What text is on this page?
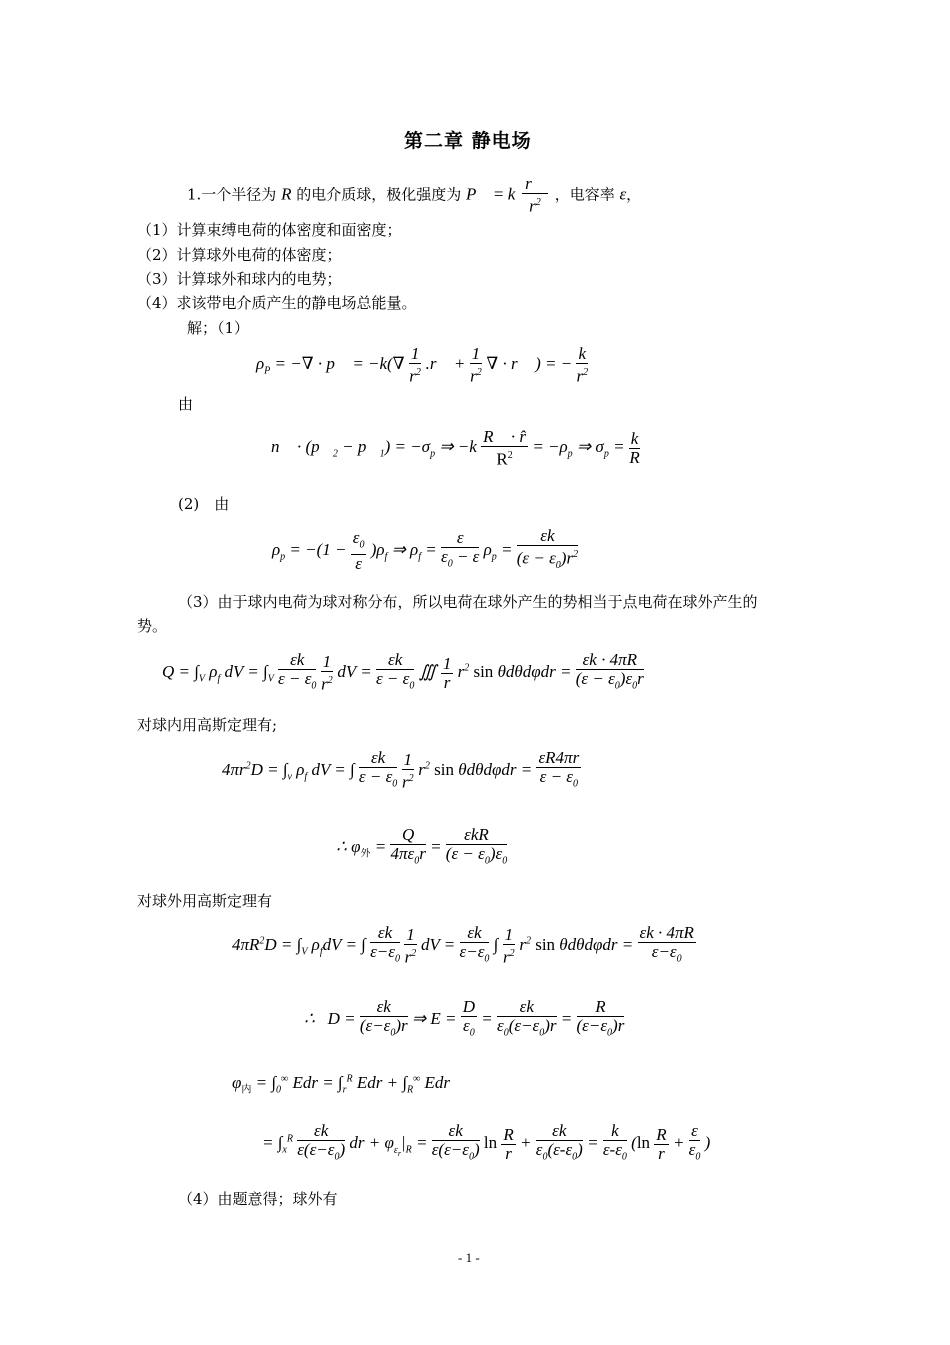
第二章 静电场
1.一个半径为 R 的电介质球，极化强度为 P⃗ = k $\frac{r⃗}{r^2}$ ，电容率 ε，
（1）计算束缚电荷的体密度和面密度；
（2）计算球外电荷的体密度；
（3）计算球外和球内的电势；
（4）求该带电介质产生的静电场总能量。
解；（1）
$\rho_P$ = −∇ · p⃗ = $-k(\nabla \frac{1}{r^2}$ .r⃗ + $\frac{1}{r^2}$ ∇ · r⃗ ) = − $\frac{k}{r^2}$
由
n⃗ · ($p⃗_2$ − $p⃗_1) = -\sigma_p$ ⇒ $-k \frac{R⃗ \cdot r̂}{R^2} = -\rho_p$ ⇒ $\sigma_p = \frac{k}{R}$
(2)　由
$\rho_p = -(1 - \frac{\varepsilon_0}{\varepsilon} )\rho_f$ ⇒ $\rho_f = \frac{\varepsilon}{\varepsilon_0 - \varepsilon} \rho_p = \frac{\varepsilon k}{(\varepsilon - \varepsilon_0)r^2}$
（3）由于球内电荷为球对称分布，所以电荷在球外产生的势相当于点电荷在球外产生的
势。
$Q = \int_V$ $\rho_f$ dV = $\int_V \frac{\varepsilon k}{\varepsilon - \varepsilon_0}$
$\frac{1}{r^2}$ dV = $\frac{\varepsilon k}{\varepsilon - \varepsilon_0}$ ∭ $\frac{1}{r} r^2$ $\sin \theta d\theta d\varphi dr = \frac{\varepsilon k \cdot 4\pi R}{(\varepsilon - \varepsilon_0)\varepsilon_0r}$
对球内用高斯定理有;
$4\pi r^2D = \int_v$ $\rho_f$ dV = ∫ $\frac{\varepsilon k}{\varepsilon - \varepsilon_0}$
$\frac{1}{r^2} r^2$ $\sin \theta d\theta d\varphi dr = \frac{\varepsilon R4\pi r}{\varepsilon - \varepsilon_0}$
∴ $\varphi_外 = \frac{Q}{4\pi\varepsilon_0r}$ =
εkR
$(\varepsilon - \varepsilon_0)\varepsilon_0$
对球外用高斯定理有
$4\pi R^2D = \int_V$ $\rho_fdV$ = ∫ $\frac{\varepsilon k}{\varepsilon-\varepsilon_0}$
$\frac{1}{r^2}$ dV = $\frac{\varepsilon k}{\varepsilon-\varepsilon_0}$ ∫ $\frac{1}{r^2} r^2$ $\sin \theta d\theta d\varphi dr = \frac{\varepsilon k \cdot 4\pi R}{\varepsilon-\varepsilon_0}$
∴   $D = \frac{\varepsilon k}{(\varepsilon-\varepsilon_0)r}$ ⇒ $E = \frac{D}{\varepsilon_0} = \frac{\varepsilon k}{\varepsilon_0(\varepsilon-\varepsilon_0)r} = \frac{R}{(\varepsilon-\varepsilon_0)r}$
$\varphi_内 = \int_0^\infty$ Edr = $\int_r^R$ Edr + $\int_R^\infty$ Edr
= $\int_x^R \frac{\varepsilon k}{\varepsilon(\varepsilon-\varepsilon_0)}$ dr + $\varphi_{\varepsilon_r}|_R = \frac{\varepsilon k}{\varepsilon(\varepsilon-\varepsilon_0)}$ $\ln \frac{R}{r} + \frac{\varepsilon k}{\varepsilon_0(\varepsilon-\varepsilon_0)} = \frac{k}{\varepsilon-\varepsilon_0} (\ln \frac{R}{r} + \frac{\varepsilon}{\varepsilon_0}$ )
（4）由题意得；球外有
- 1 -
